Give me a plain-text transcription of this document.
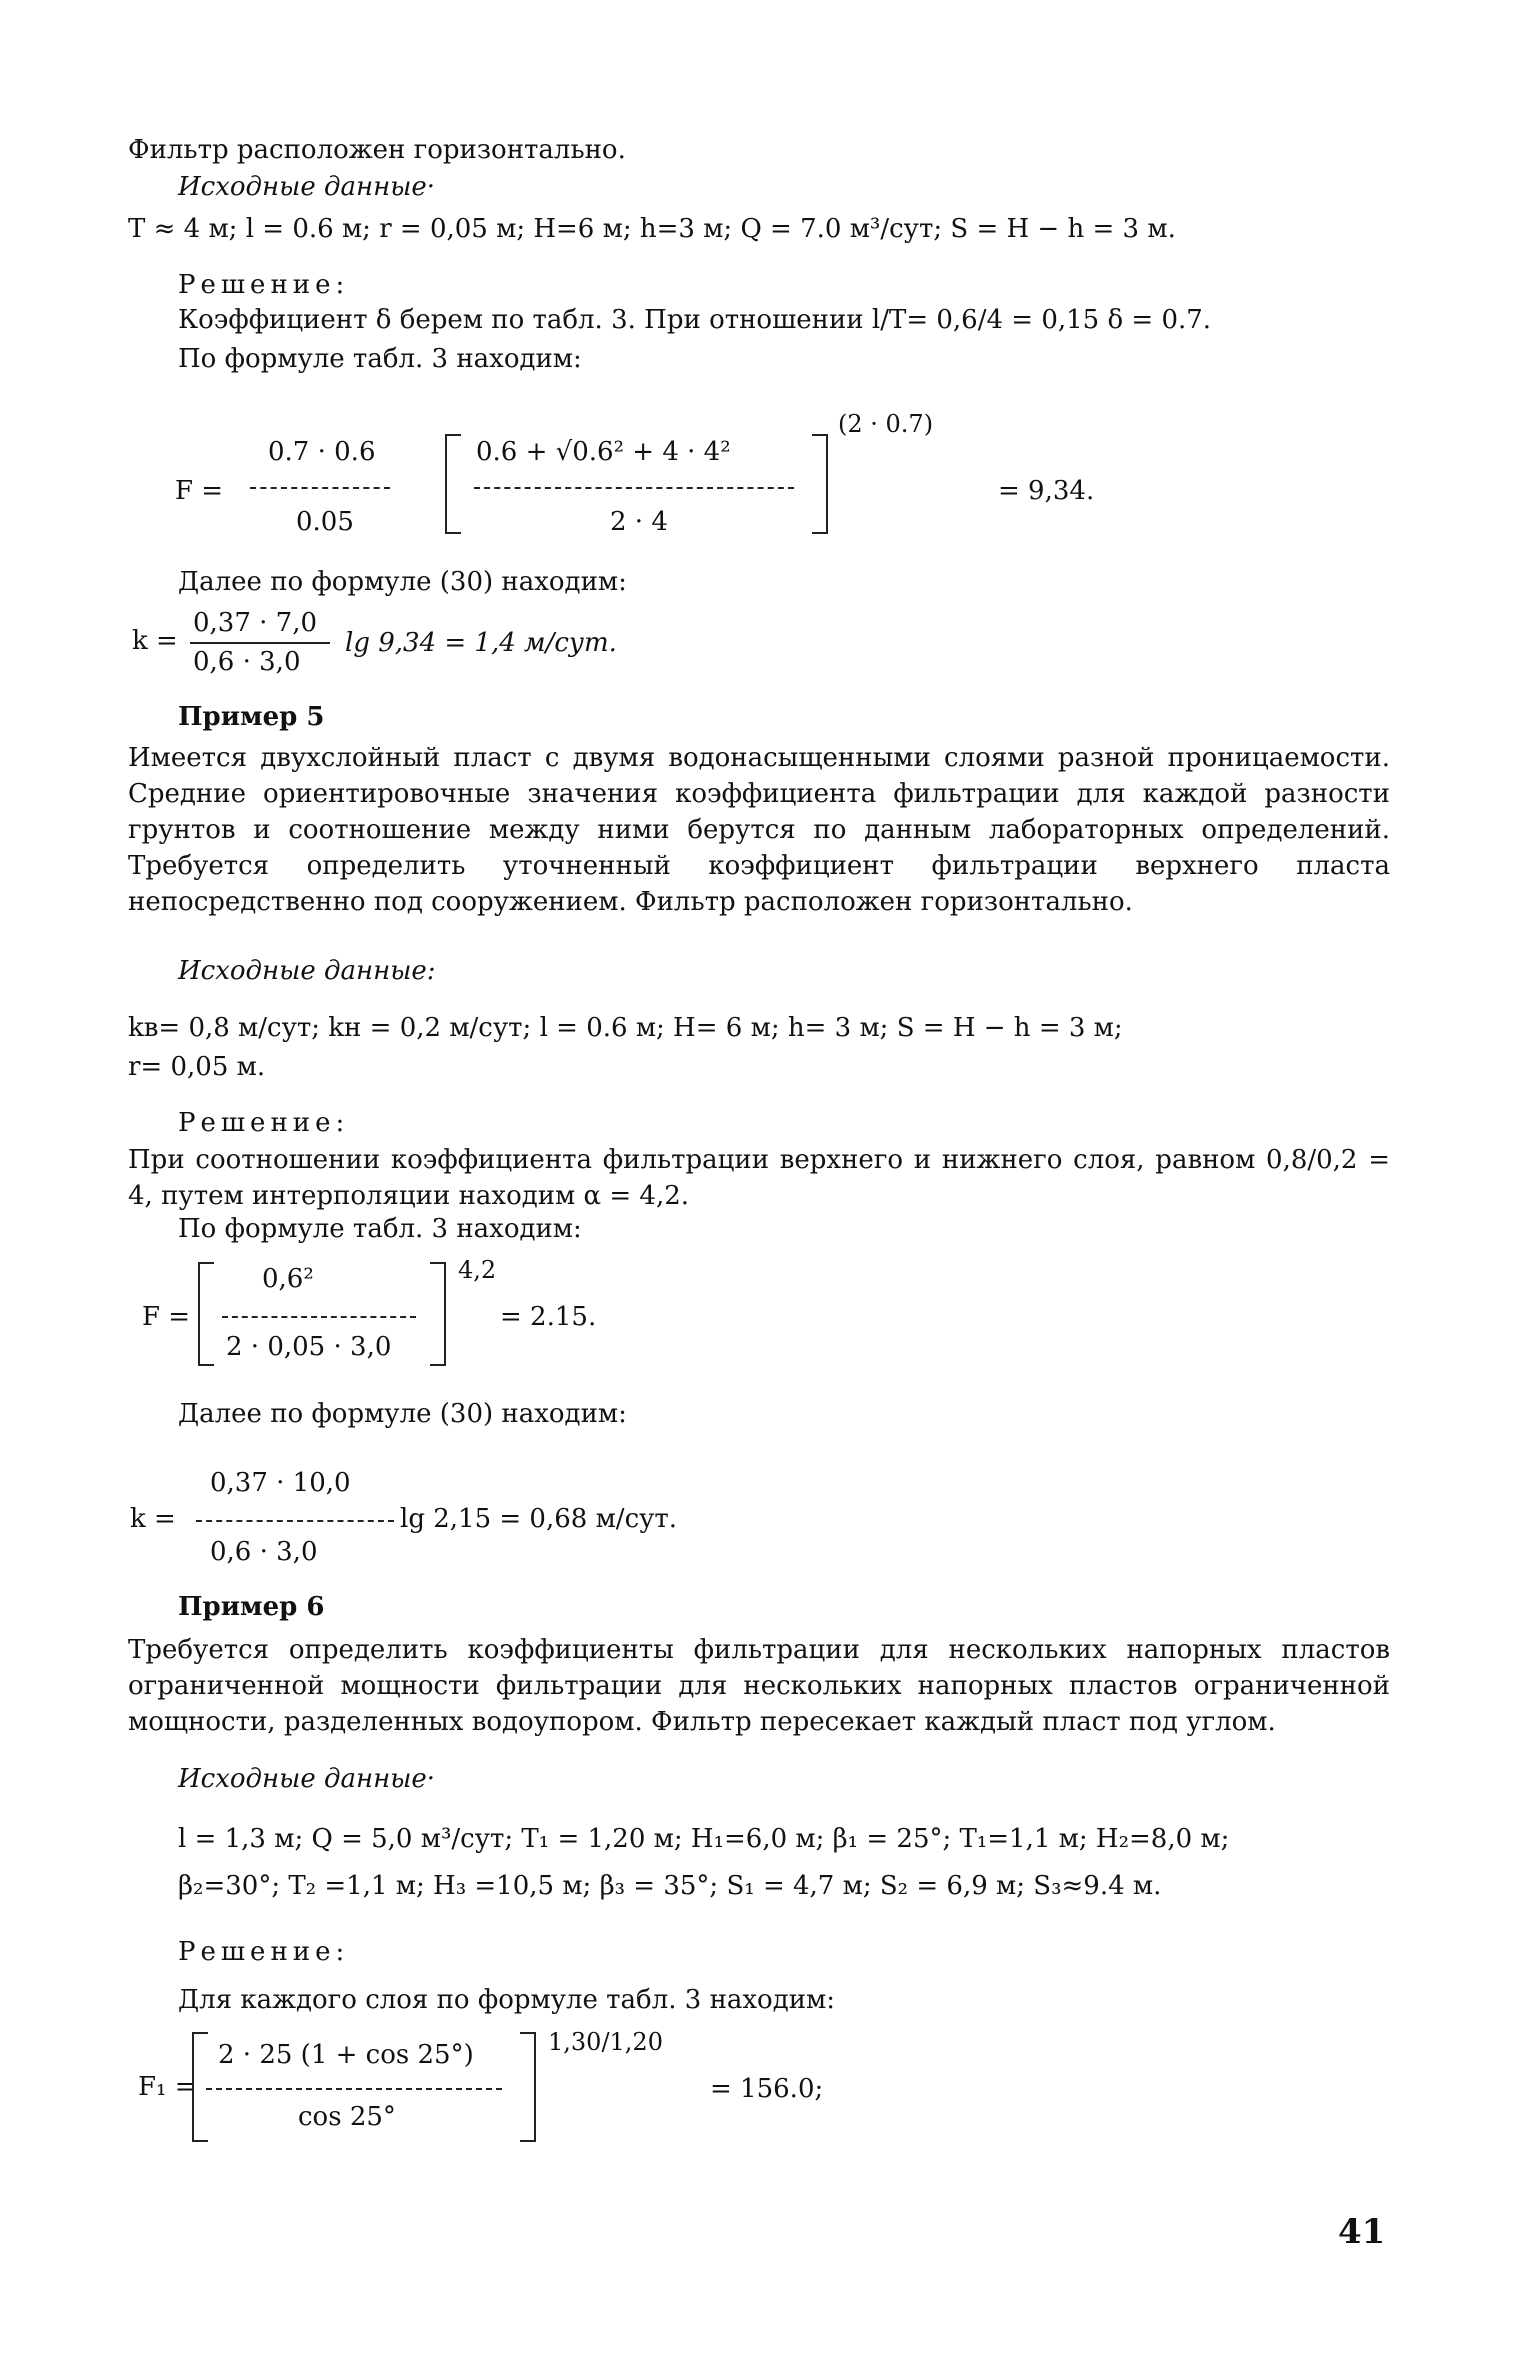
Фильтр расположен горизонтально.
Исходные данные·
T ≈ 4 м; l = 0.6 м; r = 0,05 м; H=6 м; h=3 м; Q = 7.0 м³/сут; S = H − h = 3 м.
Решение:
Коэффициент δ берем по табл. 3. При отношении l/T= 0,6/4 = 0,15 δ = 0.7.
По формуле табл. 3 находим:
F =
0.7 · 0.6
0.05
0.6 + √0.6² + 4 · 4²
2 · 4
(2 · 0.7)
= 9,34.
Далее по формуле (30) находим:
k =
0,37 · 7,0
0,6 · 3,0
lg 9,34 = 1,4 м/сут.
Пример 5
Имеется двухслойный пласт с двумя водонасыщенными слоями разной проницаемости. Средние ориентировочные значения коэффициента фильтрации для каждой разности грунтов и соотношение между ними берутся по данным лабораторных определений. Требуется определить уточненный коэффициент фильтрации верхнего пласта непосредственно под сооружением. Фильтр расположен горизонтально.
Исходные данные:
kв= 0,8 м/сут; kн = 0,2 м/сут; l = 0.6 м; H= 6 м; h= 3 м; S = H − h = 3 м;
r= 0,05 м.
Решение:
При соотношении коэффициента фильтрации верхнего и нижнего слоя, равном 0,8/0,2 = 4, путем интерполяции находим α = 4,2.
По формуле табл. 3 находим:
F =
0,6²
2 · 0,05 · 3,0
4,2
= 2.15.
Далее по формуле (30) находим:
0,37 · 10,0
k =
0,6 · 3,0
lg 2,15 = 0,68 м/сут.
Пример 6
Требуется определить коэффициенты фильтрации для нескольких напорных пластов ограниченной мощности фильтрации для нескольких напорных пластов ограниченной мощности, разделенных водоупором. Фильтр пересекает каждый пласт под углом.
Исходные данные·
l = 1,3 м; Q = 5,0 м³/сут; T₁ = 1,20 м; H₁=6,0 м; β₁ = 25°; T₁=1,1 м; H₂=8,0 м;
β₂=30°; T₂ =1,1 м; H₃ =10,5 м; β₃ = 35°; S₁ = 4,7 м; S₂ = 6,9 м; S₃≈9.4 м.
Решение:
Для каждого слоя по формуле табл. 3 находим:
F₁ =
2 · 25 (1 + cos 25°)
cos 25°
1,30/1,20
= 156.0;
41
